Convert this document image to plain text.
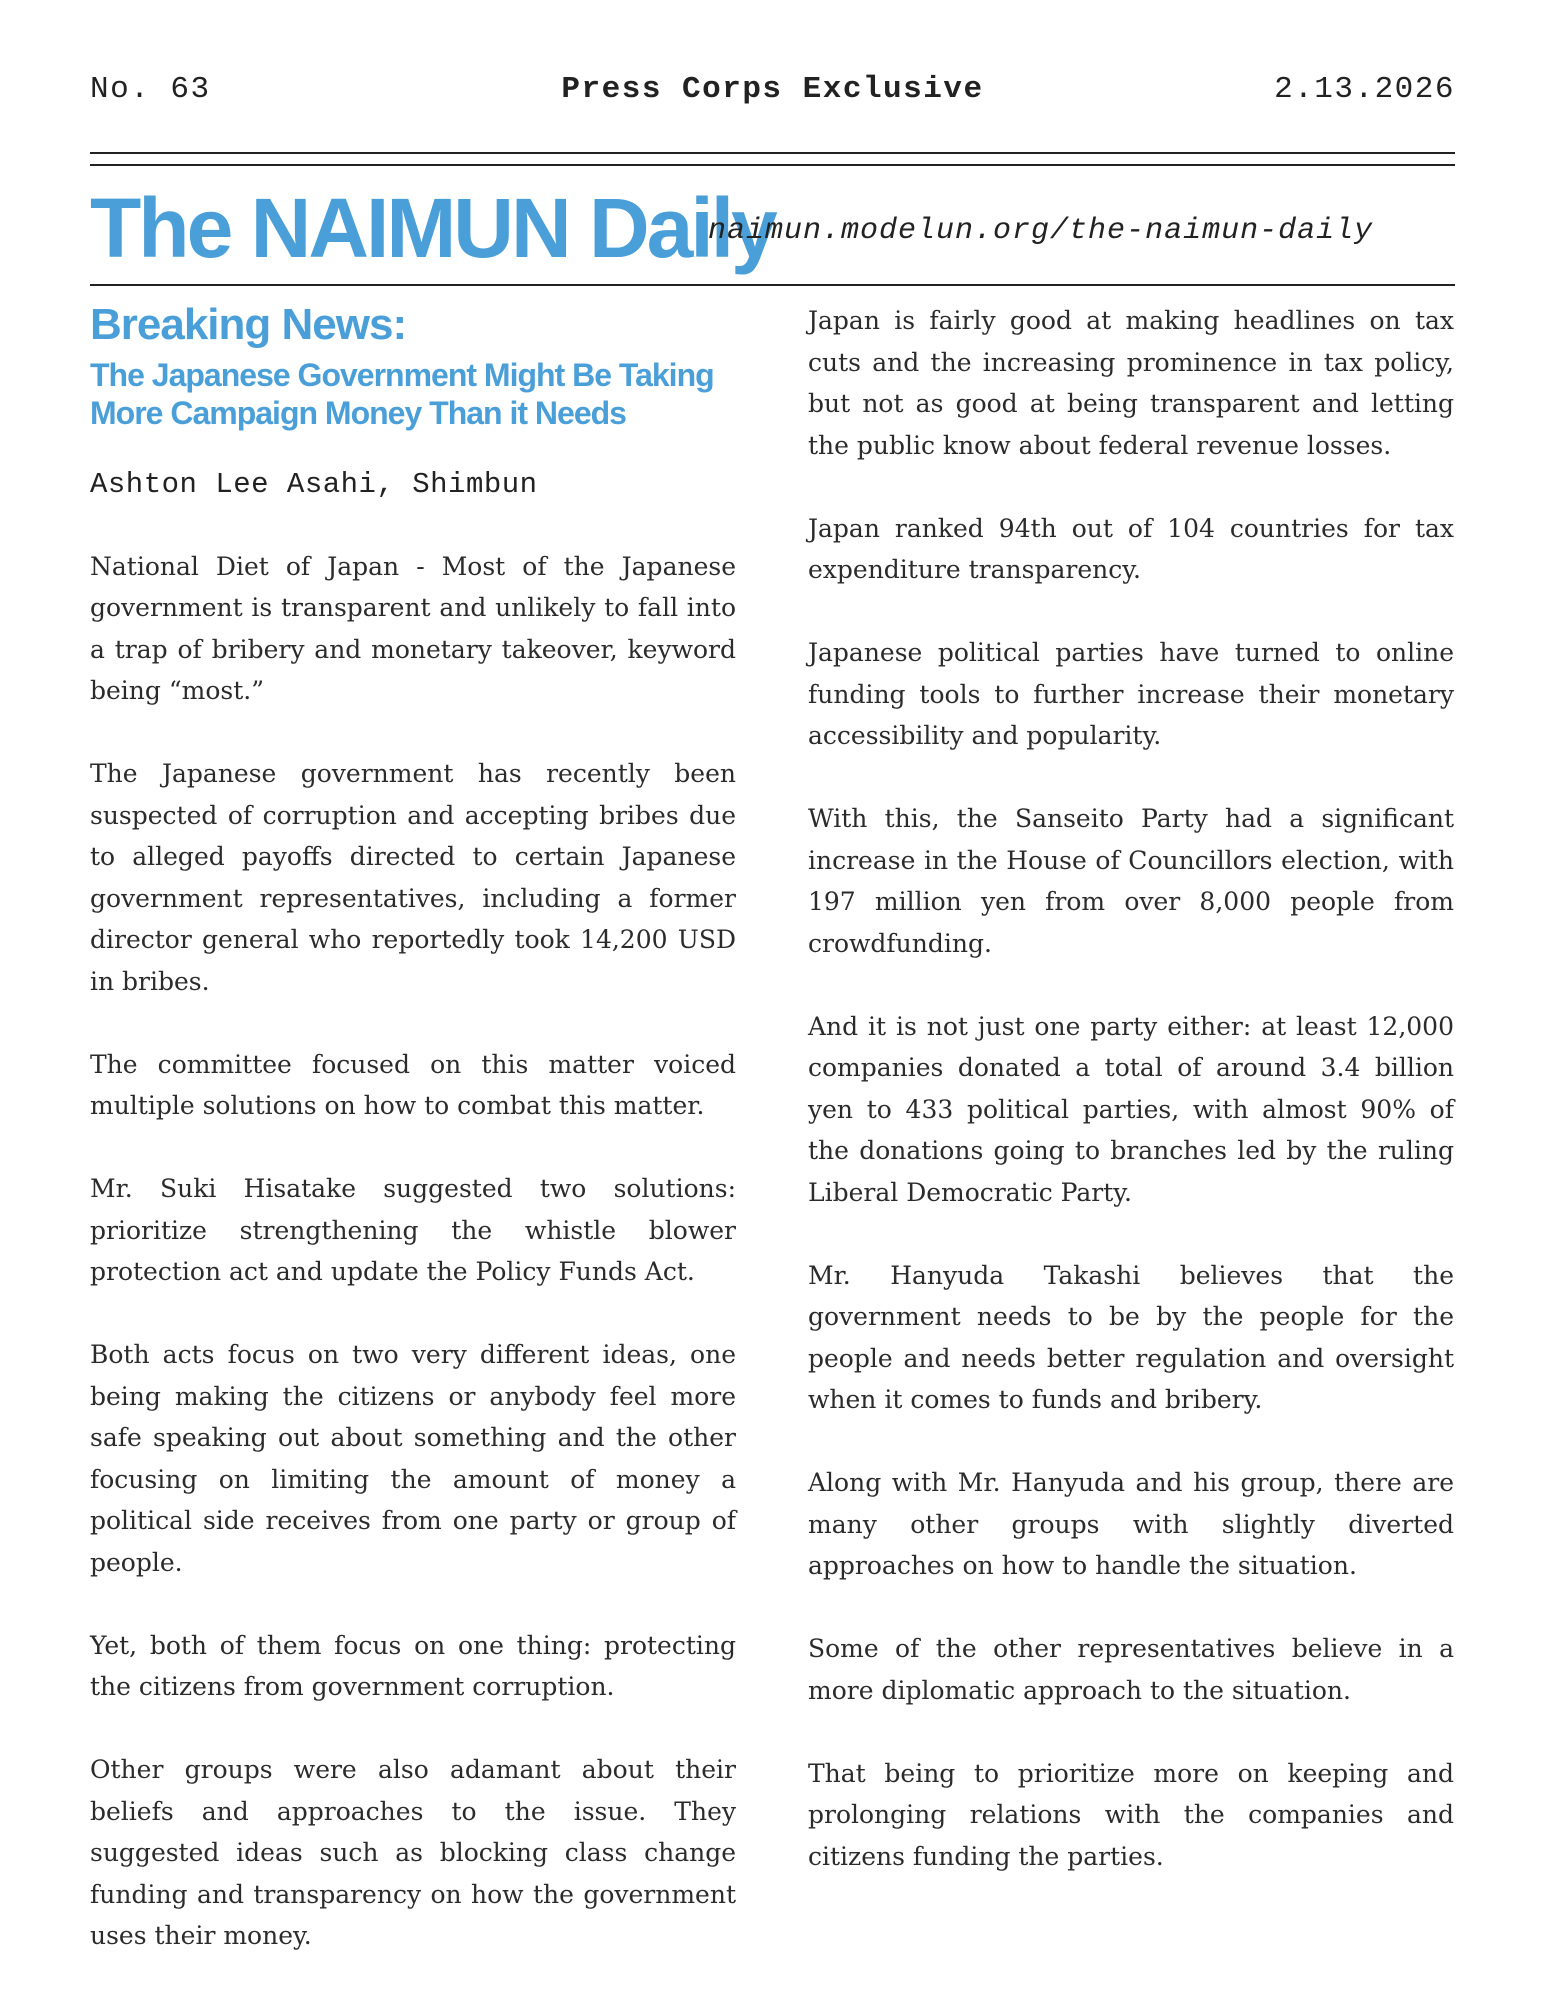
No. 63	Press Corps Exclusive	2.13.2026
The NAIMUN Daily
naimun.modelun.org/the-naimun-daily
Breaking News:
The Japanese Government Might Be Taking More Campaign Money Than it Needs
Ashton Lee Asahi, Shimbun

National Diet of Japan - Most of the Japanese government is transparent and unlikely to fall into a trap of bribery and monetary takeover, keyword being “most.”

The Japanese government has recently been suspected of corruption and accepting bribes due to alleged payoffs directed to certain Japanese government representatives, including a former director general who reportedly took 14,200 USD in bribes.

The committee focused on this matter voiced multiple solutions on how to combat this matter.

Mr. Suki Hisatake suggested two solutions: prioritize strengthening the whistle blower protection act and update the Policy Funds Act.

Both acts focus on two very different ideas, one being making the citizens or anybody feel more safe speaking out about something and the other focusing on limiting the amount of money a political side receives from one party or group of people.

Yet, both of them focus on one thing: protecting the citizens from government corruption.

Other groups were also adamant about their beliefs and approaches to the issue. They suggested ideas such as blocking class change funding and transparency on how the government uses their money.

Japan is fairly good at making headlines on tax cuts and the increasing prominence in tax policy, but not as good at being transparent and letting the public know about federal revenue losses.

Japan ranked 94th out of 104 countries for tax expenditure transparency.

Japanese political parties have turned to online funding tools to further increase their monetary accessibility and popularity.

With this, the Sanseito Party had a significant increase in the House of Councillors election, with 197 million yen from over 8,000 people from crowdfunding.

And it is not just one party either: at least 12,000 companies donated a total of around 3.4 billion yen to 433 political parties, with almost 90% of the donations going to branches led by the ruling Liberal Democratic Party.

Mr. Hanyuda Takashi believes that the government needs to be by the people for the people and needs better regulation and oversight when it comes to funds and bribery.

Along with Mr. Hanyuda and his group, there are many other groups with slightly diverted approaches on how to handle the situation.

Some of the other representatives believe in a more diplomatic approach to the situation.

That being to prioritize more on keeping and prolonging relations with the companies and citizens funding the parties.
